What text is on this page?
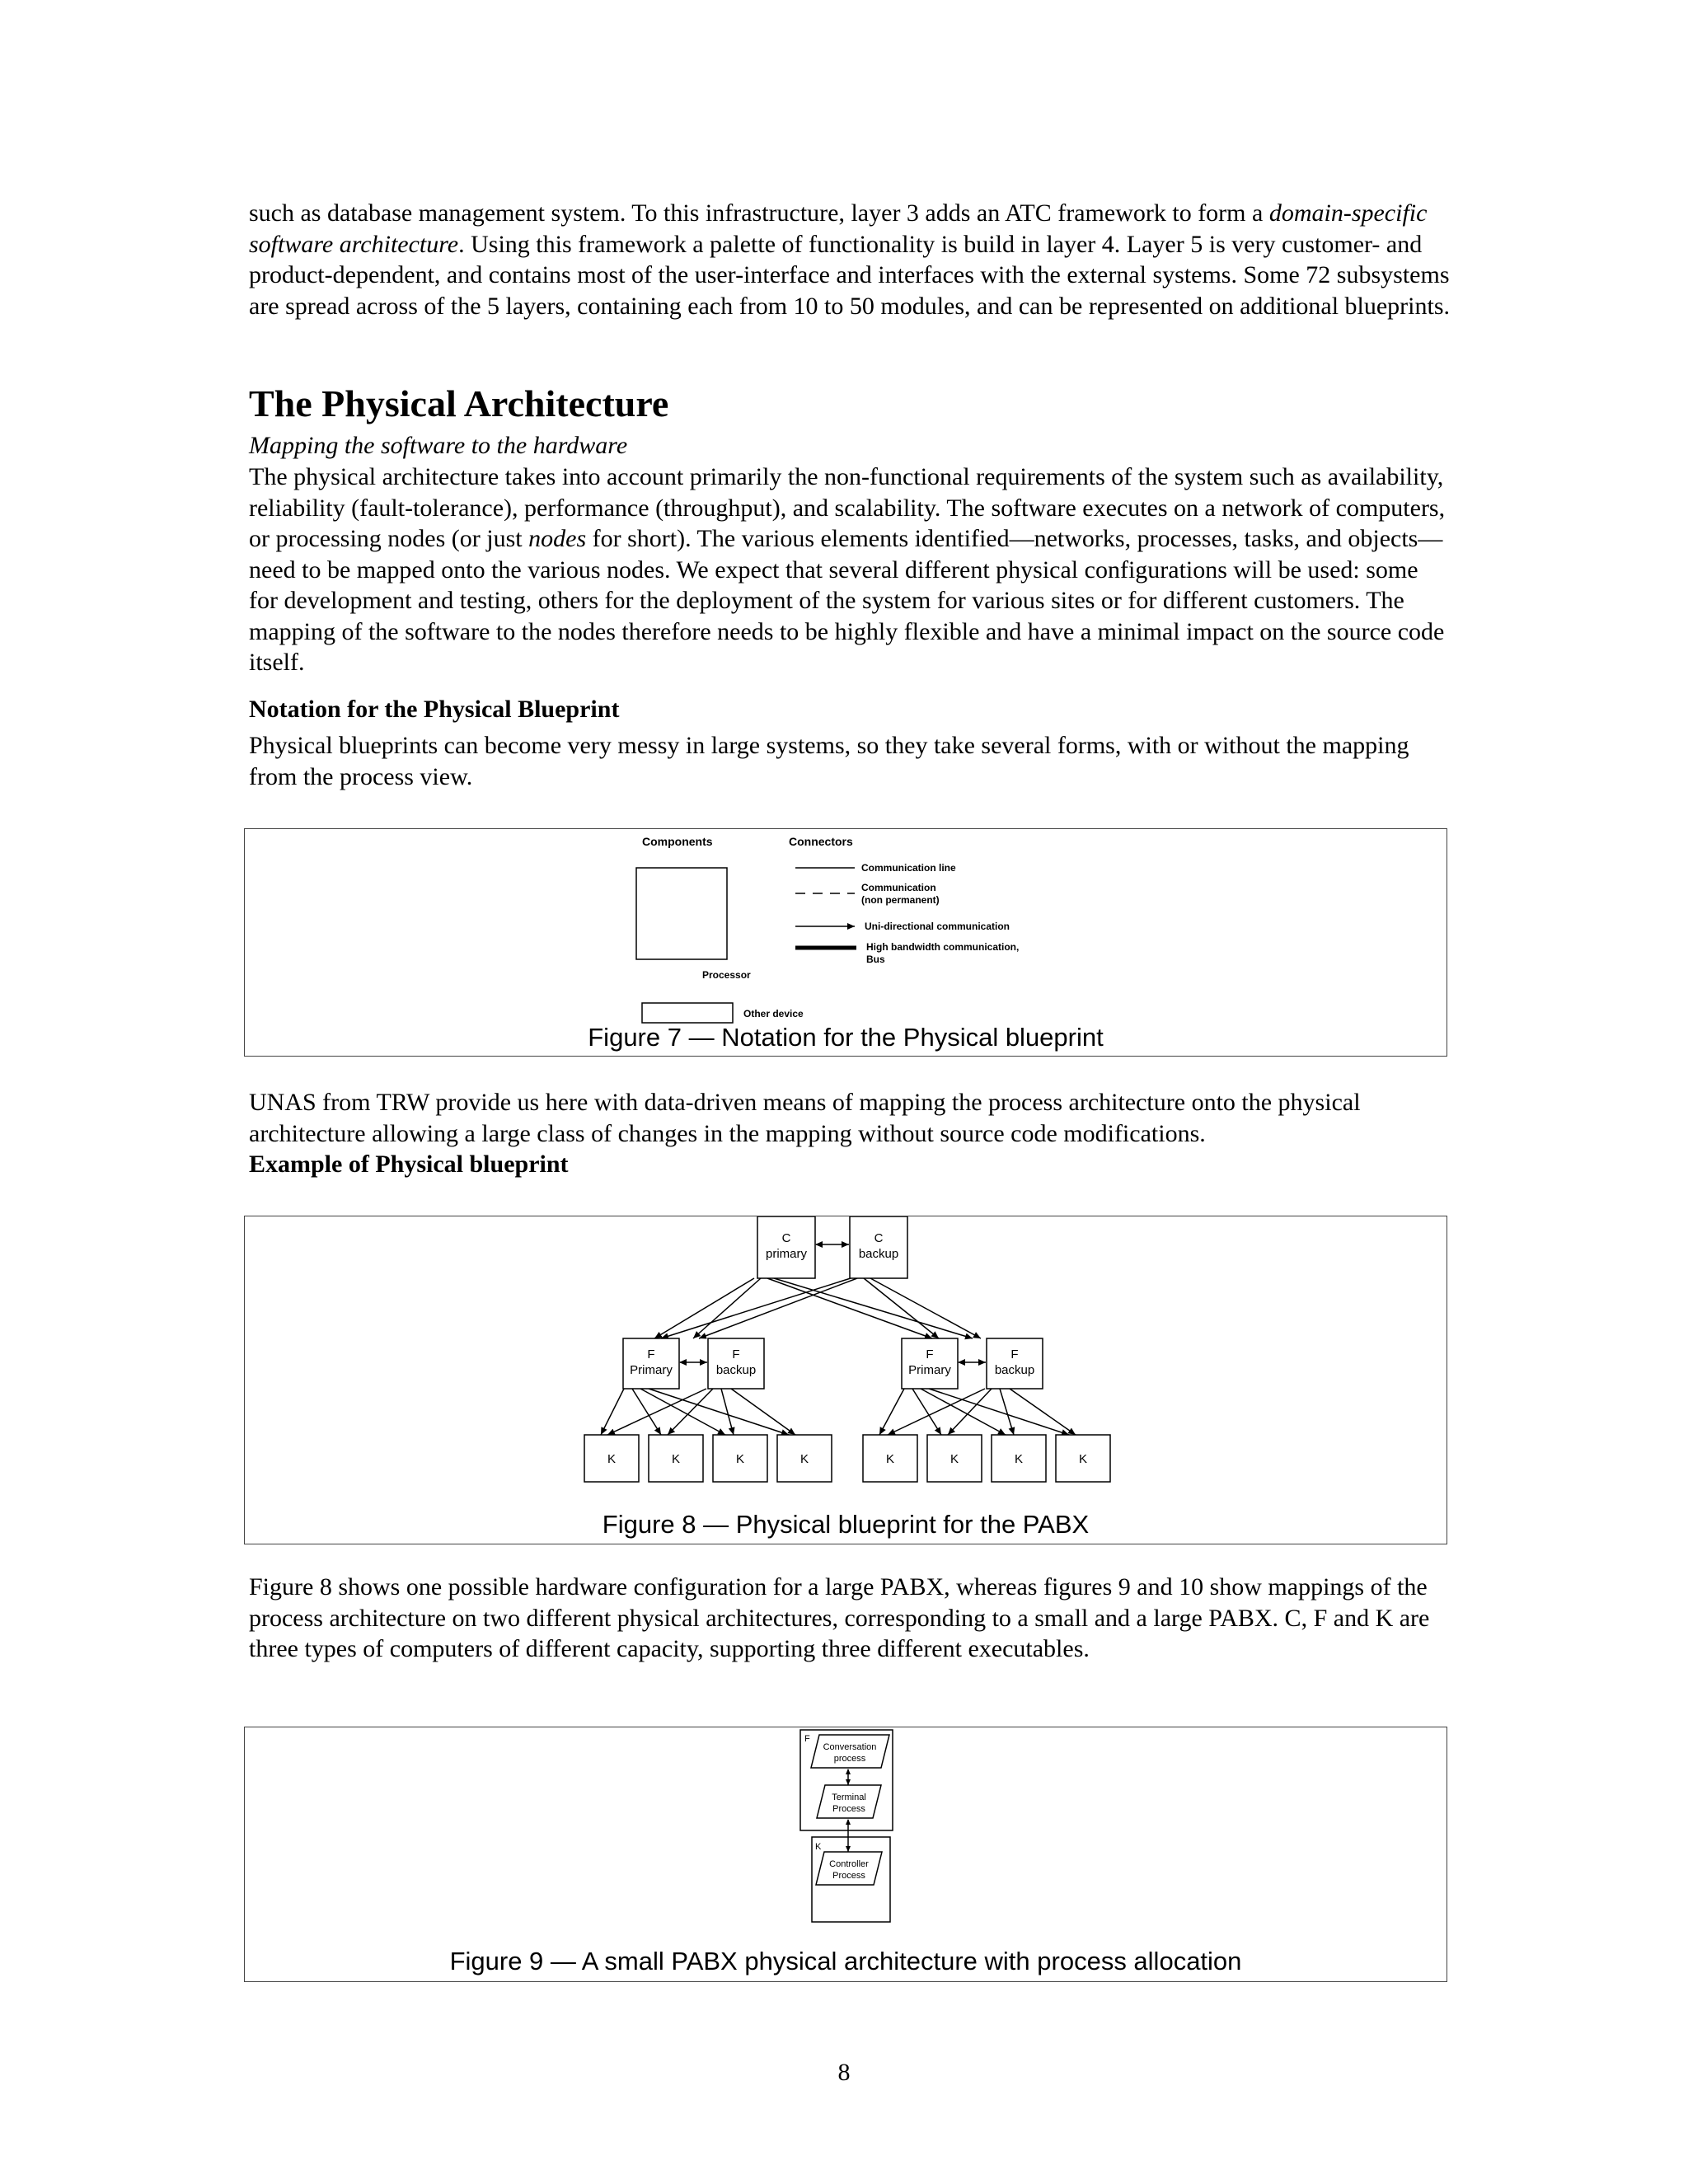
such as database management system. To this infrastructure, layer 3 adds an ATC framework to form a domain-specific software architecture. Using this framework a palette of functionality is build in layer 4. Layer 5 is very customer- and product-dependent, and contains most of the user-interface and interfaces with the external systems. Some 72 subsystems are spread across of the 5 layers, containing each from 10 to 50 modules, and can be represented on additional blueprints.

The Physical Architecture

Mapping the software to the hardware

The physical architecture takes into account primarily the non-functional requirements of the system such as availability, reliability (fault-tolerance), performance (throughput), and scalability. The software executes on a network of computers, or processing nodes (or just nodes for short). The various elements identified—networks, processes, tasks, and objects—need to be mapped onto the various nodes. We expect that several different physical configurations will be used: some for development and testing, others for the deployment of the system for various sites or for different customers. The mapping of the software to the nodes therefore needs to be highly flexible and have a minimal impact on the source code itself.

Notation for the Physical Blueprint

Physical blueprints can become very messy in large systems, so they take several forms, with or without the mapping from the process view.

Components	Connectors
Processor
Communication line
Communication
(non permanent)
Uni-directional communication
High bandwidth communication,
Bus
Other device
Figure 7 — Notation for the Physical blueprint

UNAS from TRW provide us here with data-driven means of mapping the process architecture onto the physical architecture allowing a large class of changes in the mapping without source code modifications.

Example of Physical blueprint
C
primary
C
backup
F
Primary
F
backup
F
Primary
F
backup
K	K	K	K	K	K	K	K
Figure 8 — Physical blueprint for the PABX

Figure 8 shows one possible hardware configuration for a large PABX, whereas figures 9 and 10 show mappings of the process architecture on two different physical architectures, corresponding to a small and a large PABX. C, F and K are three types of computers of different capacity, supporting three different executables.

F
Conversation
process
Terminal
Process
K
Controller
Process
Figure 9 — A small PABX physical architecture with process allocation
8
